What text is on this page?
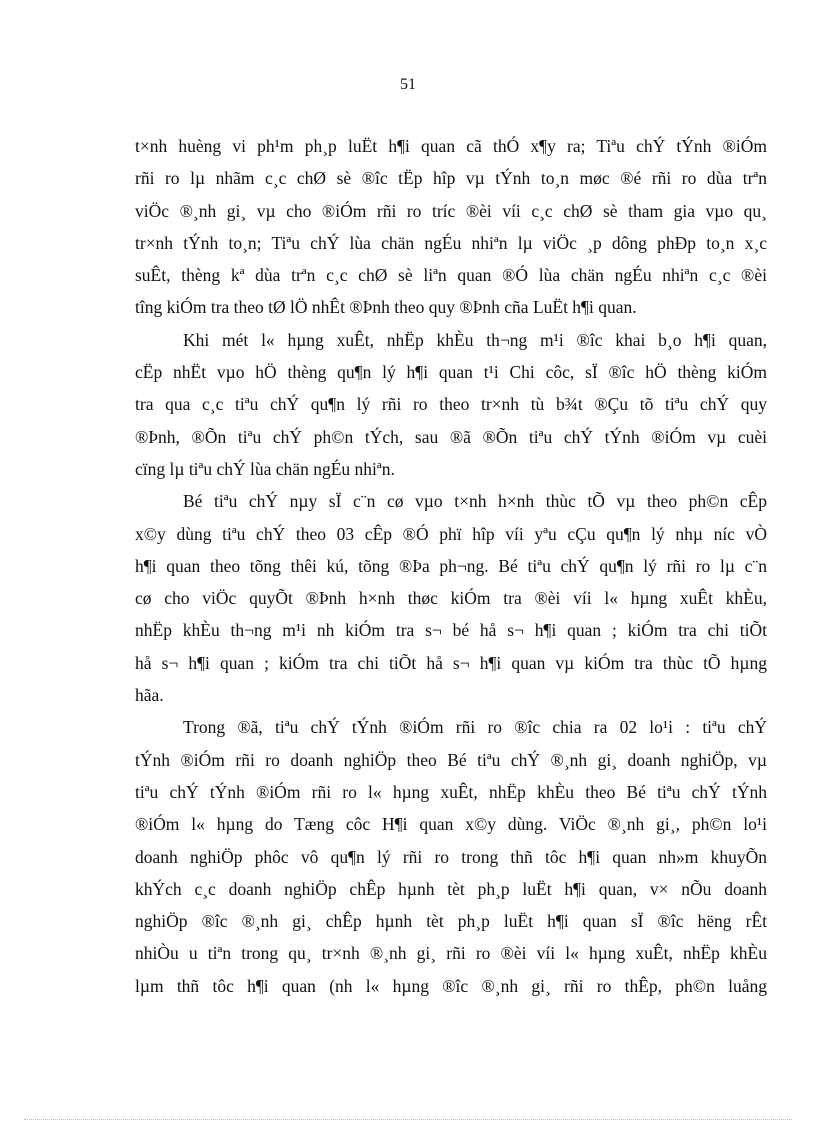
51

t×nh huèng vi ph¹m ph¸p luËt h¶i quan cã thÓ x¶y ra; Tiªu chÝ tÝnh ®iÓm
rñi ro lµ nhãm c¸c chØ sè ®îc tËp hîp vµ tÝnh to¸n møc ®é rñi ro dùa trªn
viÖc ®¸nh gi¸ vµ cho ®iÓm rñi ro tríc ®èi víi c¸c chØ sè tham gia vµo qu¸
tr×nh tÝnh to¸n; Tiªu chÝ lùa chän ngÉu nhiªn lµ viÖc ¸p dông phÐp to¸n x¸c
suÊt, thèng kª dùa trªn c¸c chØ sè liªn quan ®Ó lùa chän ngÉu nhiªn c¸c ®èi
tîng kiÓm tra theo tØ lÖ nhÊt ®Þnh theo quy ®Þnh cña LuËt h¶i quan.

Khi mét l« hµng xuÊt, nhËp khÈu th¬ng m¹i ®îc khai b¸o h¶i quan,
cËp nhËt vµo hÖ thèng qu¶n lý h¶i quan t¹i Chi côc, sÏ ®îc hÖ thèng kiÓm
tra qua c¸c tiªu chÝ qu¶n lý rñi ro theo tr×nh tù b¾t ®Çu tõ tiªu chÝ quy
®Þnh, ®Õn tiªu chÝ ph©n tÝch, sau ®ã ®Õn tiªu chÝ tÝnh ®iÓm vµ cuèi
cïng lµ tiªu chÝ lùa chän ngÉu nhiªn.

Bé tiªu chÝ nµy sÏ c¨n cø vµo t×nh h×nh thùc tÕ vµ theo ph©n cÊp
x©y dùng tiªu chÝ theo 03 cÊp ®Ó phï hîp víi yªu cÇu qu¶n lý nhµ níc vÒ
h¶i quan theo tõng thêi kú, tõng ®Þa ph¬ng. Bé tiªu chÝ qu¶n lý rñi ro lµ c¨n
cø cho viÖc quyÕt ®Þnh h×nh thøc kiÓm tra ®èi víi l« hµng xuÊt khÈu,
nhËp khÈu th¬ng m¹i nh kiÓm tra s¬ bé hå s¬ h¶i quan ; kiÓm tra chi tiÕt
hå s¬ h¶i quan ; kiÓm tra chi tiÕt hå s¬ h¶i quan vµ kiÓm tra thùc tÕ hµng
hãa.

Trong ®ã, tiªu chÝ tÝnh ®iÓm rñi ro ®îc chia ra 02 lo¹i : tiªu chÝ
tÝnh ®iÓm rñi ro doanh nghiÖp theo Bé tiªu chÝ ®¸nh gi¸ doanh nghiÖp, vµ
tiªu chÝ tÝnh ®iÓm rñi ro l« hµng xuÊt, nhËp khÈu theo Bé tiªu chÝ tÝnh
®iÓm l« hµng do Tæng côc H¶i quan x©y dùng. ViÖc ®¸nh gi¸, ph©n lo¹i
doanh nghiÖp phôc vô qu¶n lý rñi ro trong thñ tôc h¶i quan nh»m khuyÕn
khÝch c¸c doanh nghiÖp chÊp hµnh tèt ph¸p luËt h¶i quan, v× nÕu doanh
nghiÖp ®îc ®¸nh gi¸ chÊp hµnh tèt ph¸p luËt h¶i quan sÏ ®îc hëng rÊt
nhiÒu u tiªn trong qu¸ tr×nh ®¸nh gi¸ rñi ro ®èi víi l« hµng xuÊt, nhËp khÈu
lµm thñ tôc h¶i quan (nh l« hµng ®îc ®¸nh gi¸ rñi ro thÊp, ph©n luång
